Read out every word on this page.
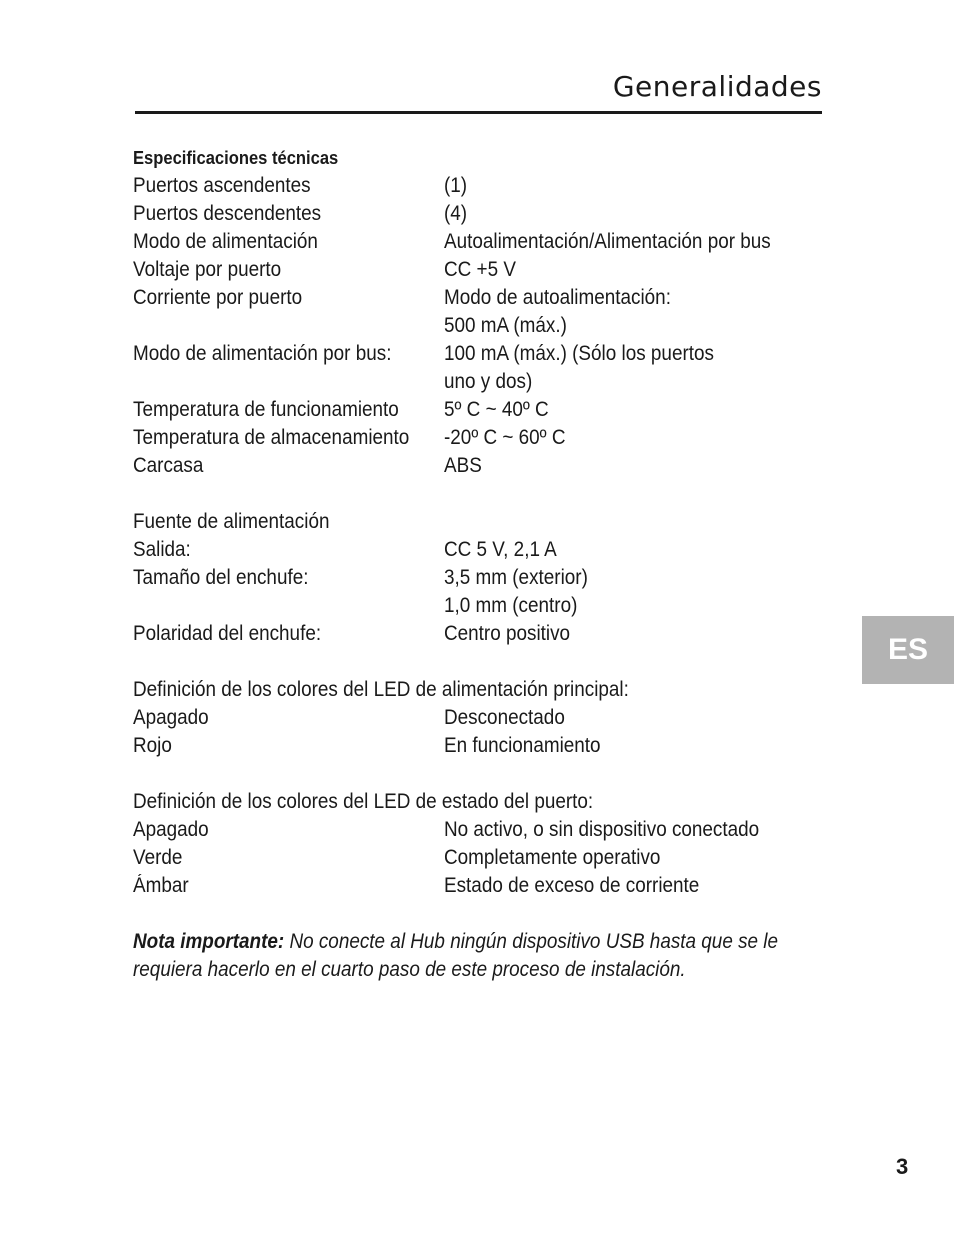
Generalidades
Especificaciones técnicas
Puertos ascendentes	(1)
Puertos descendentes	(4)
Modo de alimentación	Autoalimentación/Alimentación por bus
Voltaje por puerto	CC +5 V
Corriente por puerto	Modo de autoalimentación:
500 mA (máx.)
Modo de alimentación por bus:	100 mA (máx.) (Sólo los puertos
uno y dos)
Temperatura de funcionamiento	5º C ~ 40º C
Temperatura de almacenamiento -20º C ~ 60º C
Carcasa	ABS
Fuente de alimentación
Salida:	CC 5 V, 2,1 A
Tamaño del enchufe:	3,5 mm (exterior)
1,0 mm (centro)
Polaridad del enchufe:	Centro positivo
Definición de los colores del LED de alimentación principal:
Apagado	Desconectado
Rojo	En funcionamiento
Definición de los colores del LED de estado del puerto:
Apagado	No activo, o sin dispositivo conectado
Verde	Completamente operativo
Ámbar	Estado de exceso de corriente
Nota importante: No conecte al Hub ningún dispositivo USB hasta que se le
requiera hacerlo en el cuarto paso de este proceso de instalación.
ES
3
